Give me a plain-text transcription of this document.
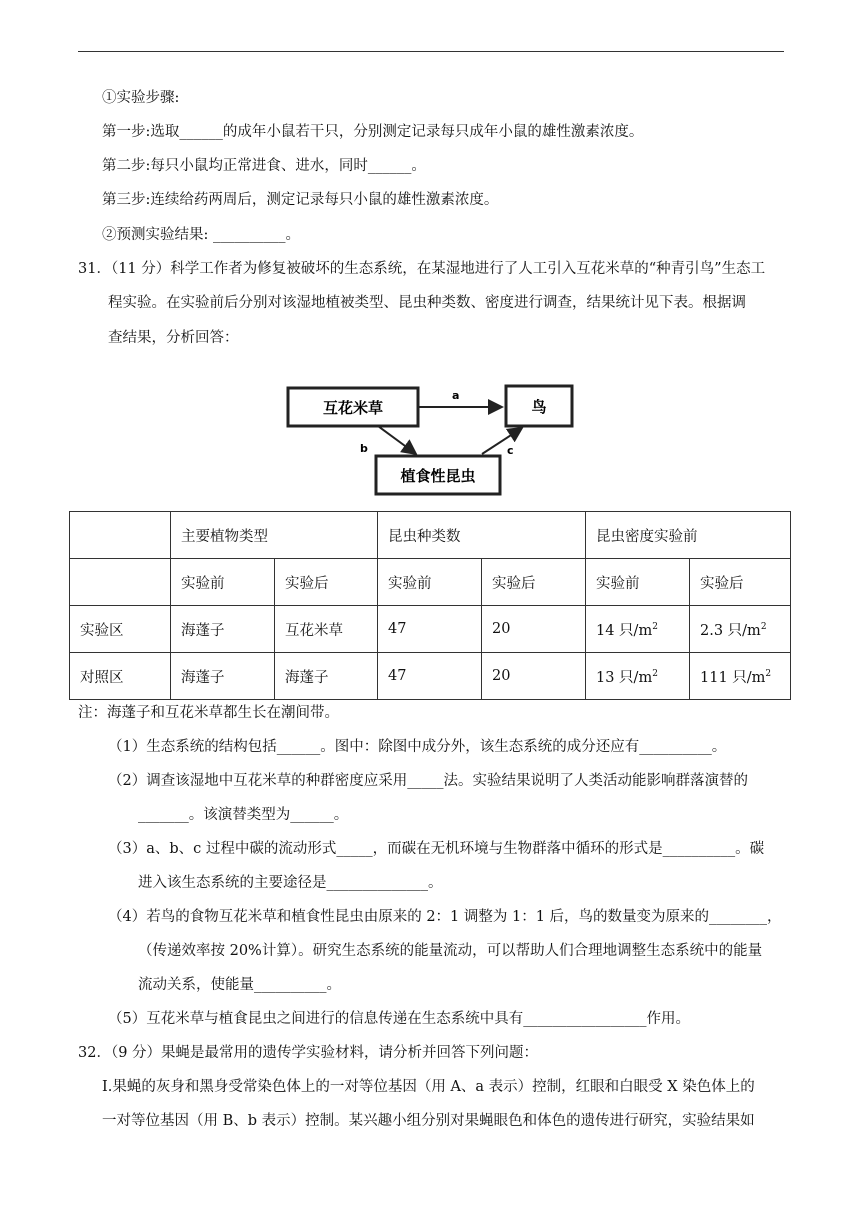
①实验步骤:
第一步:选取______的成年小鼠若干只，分别测定记录每只成年小鼠的雄性激素浓度。
第二步:每只小鼠均正常进食、进水，同时______。
第三步:连续给药两周后，测定记录每只小鼠的雄性激素浓度。
②预测实验结果: __________。
31．（11 分）科学工作者为修复被破坏的生态系统，在某湿地进行了人工引入互花米草的“种青引鸟”生态工
程实验。在实验前后分别对该湿地植被类型、昆虫种类数、密度进行调查，结果统计见下表。根据调
查结果，分析回答：
互花米草	鸟
植食性昆虫
a
b	c
	主要植物类型		昆虫种类数		昆虫密度实验前	
	实验前	实验后	实验前	实验后	实验前	实验后
实验区	海蓬子	互花米草	47	20	14 只$/m^2$	2.3 只$/m^2$
对照区	海蓬子	海蓬子	47	20	13 只$/m^2$	111 只$/m^2$
注：海蓬子和互花米草都生长在潮间带。
（1）生态系统的结构包括______。图中：除图中成分外，该生态系统的成分还应有__________。
（2）调查该湿地中互花米草的种群密度应采用_____法。实验结果说明了人类活动能影响群落演替的
_______。该演替类型为______。
（3）a、b、c 过程中碳的流动形式_____，而碳在无机环境与生物群落中循环的形式是__________。碳
进入该生态系统的主要途径是______________。
（4）若鸟的食物互花米草和植食性昆虫由原来的 2：1 调整为 1：1 后，鸟的数量变为原来的________，
（传递效率按 20%计算）。研究生态系统的能量流动，可以帮助人们合理地调整生态系统中的能量
流动关系，使能量__________。
（5）互花米草与植食昆虫之间进行的信息传递在生态系统中具有_________________作用。
32．（9 分）果蝇是最常用的遗传学实验材料，请分析并回答下列问题：
I.果蝇的灰身和黑身受常染色体上的一对等位基因（用 A、a 表示）控制，红眼和白眼受 X 染色体上的
一对等位基因（用 B、b 表示）控制。某兴趣小组分别对果蝇眼色和体色的遗传进行研究，实验结果如
